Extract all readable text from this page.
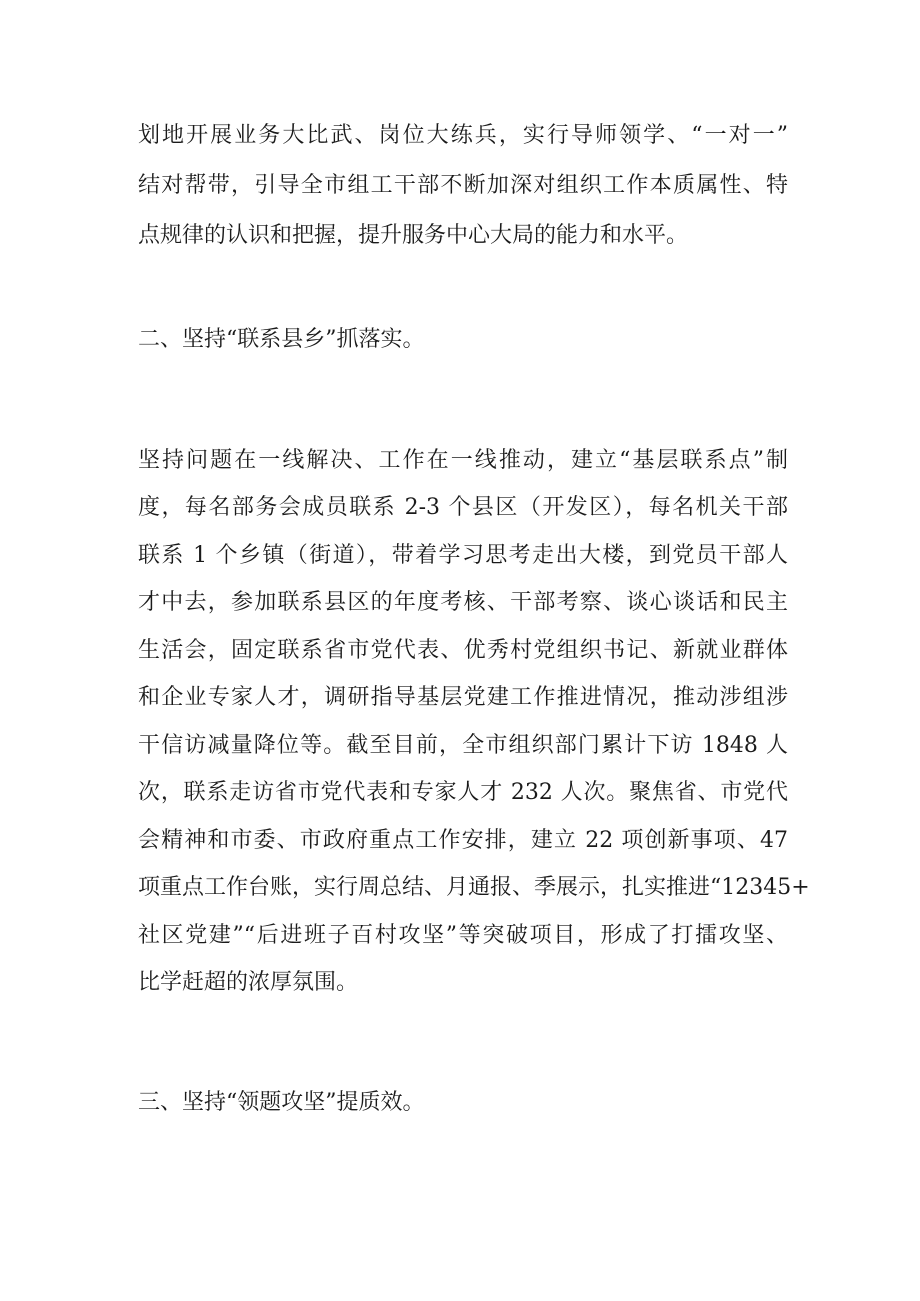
划地开展业务大比武、岗位大练兵，实行导师领学、“一对一”
结对帮带，引导全市组工干部不断加深对组织工作本质属性、特
点规律的认识和把握，提升服务中心大局的能力和水平。
二、坚持“联系县乡”抓落实。
坚持问题在一线解决、工作在一线推动，建立“基层联系点”制
度，每名部务会成员联系 2-3 个县区（开发区），每名机关干部
联系 1 个乡镇（街道），带着学习思考走出大楼，到党员干部人
才中去，参加联系县区的年度考核、干部考察、谈心谈话和民主
生活会，固定联系省市党代表、优秀村党组织书记、新就业群体
和企业专家人才，调研指导基层党建工作推进情况，推动涉组涉
干信访减量降位等。截至目前，全市组织部门累计下访 1848 人
次，联系走访省市党代表和专家人才 232 人次。聚焦省、市党代
会精神和市委、市政府重点工作安排，建立 22 项创新事项、47
项重点工作台账，实行周总结、月通报、季展示，扎实推进“12345+
社区党建”“后进班子百村攻坚”等突破项目，形成了打擂攻坚、
比学赶超的浓厚氛围。
三、坚持“领题攻坚”提质效。
